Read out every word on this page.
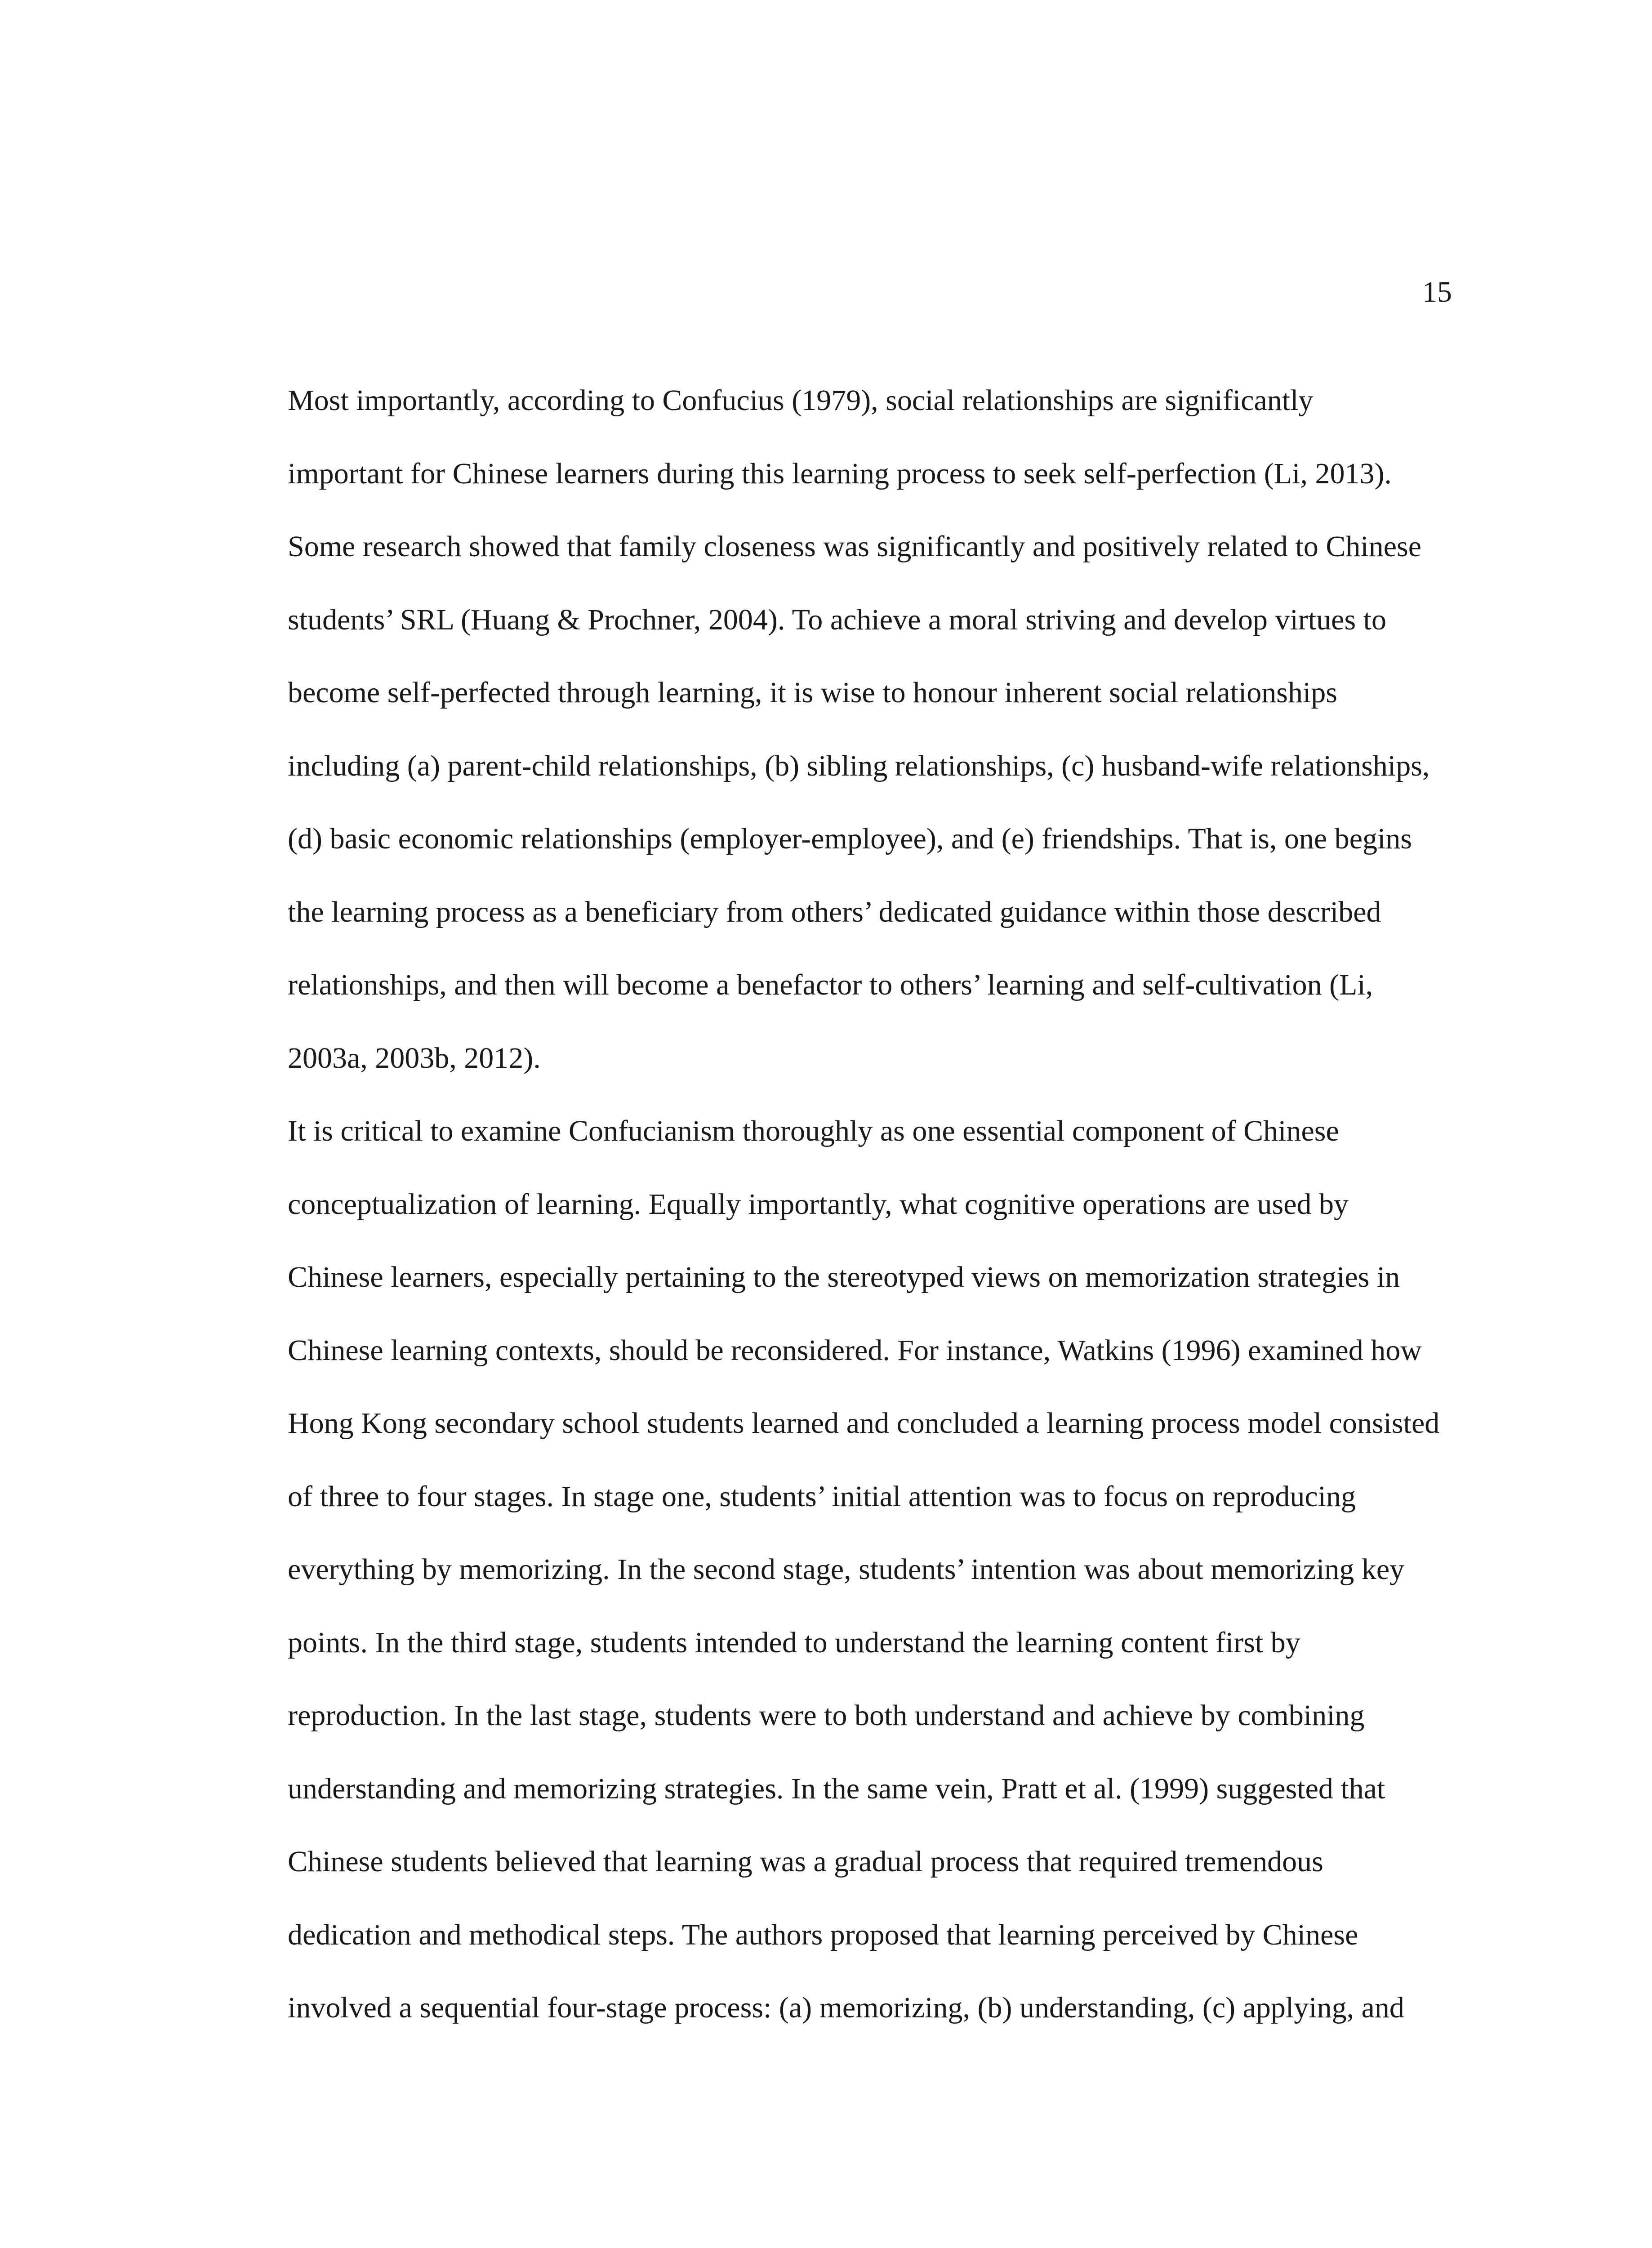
15

Most importantly, according to Confucius (1979), social relationships are significantly
important for Chinese learners during this learning process to seek self-perfection (Li, 2013).
Some research showed that family closeness was significantly and positively related to Chinese
students’ SRL (Huang & Prochner, 2004). To achieve a moral striving and develop virtues to
become self-perfected through learning, it is wise to honour inherent social relationships
including (a) parent-child relationships, (b) sibling relationships, (c) husband-wife relationships,
(d) basic economic relationships (employer-employee), and (e) friendships. That is, one begins
the learning process as a beneficiary from others’ dedicated guidance within those described
relationships, and then will become a benefactor to others’ learning and self-cultivation (Li,
2003a, 2003b, 2012).

It is critical to examine Confucianism thoroughly as one essential component of Chinese
conceptualization of learning. Equally importantly, what cognitive operations are used by
Chinese learners, especially pertaining to the stereotyped views on memorization strategies in
Chinese learning contexts, should be reconsidered. For instance, Watkins (1996) examined how
Hong Kong secondary school students learned and concluded a learning process model consisted
of three to four stages. In stage one, students’ initial attention was to focus on reproducing
everything by memorizing. In the second stage, students’ intention was about memorizing key
points. In the third stage, students intended to understand the learning content first by
reproduction. In the last stage, students were to both understand and achieve by combining
understanding and memorizing strategies. In the same vein, Pratt et al. (1999) suggested that
Chinese students believed that learning was a gradual process that required tremendous
dedication and methodical steps. The authors proposed that learning perceived by Chinese
involved a sequential four-stage process: (a) memorizing, (b) understanding, (c) applying, and
